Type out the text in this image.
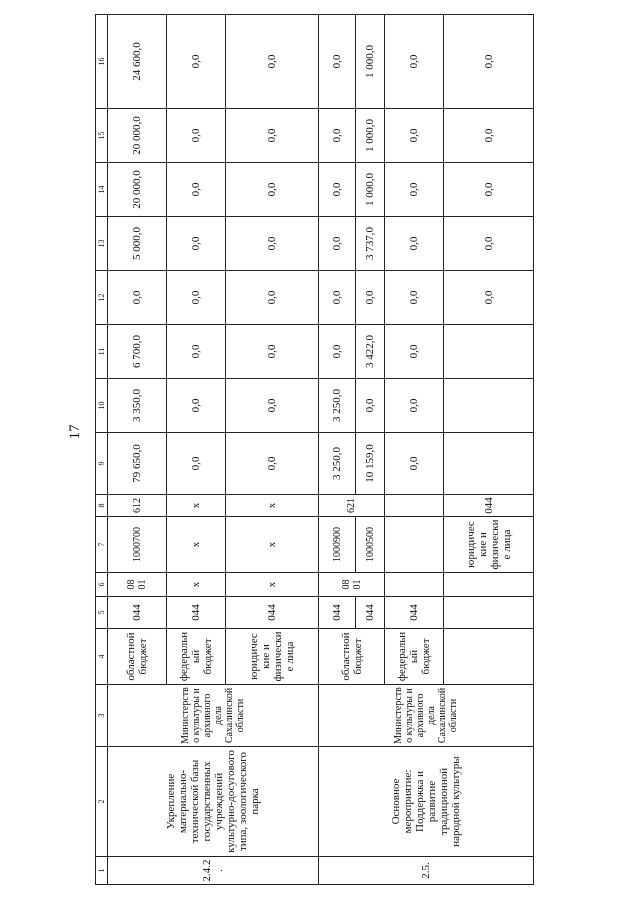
17
1	2	3	4	5	6	7	8	9	10	11	12	13	14	15	16	
2.4.2.	Укрепление материально-технической базы государственных учреждений культурно-досугового типа, зоологического парка	Министерство культуры и архивного дела Сахалинской области	областной бюджет	044	08 01	1000700	612	79 650,0	3 350,0	6 700,0	0,0	5 000,0	20 000,0	20 000,0	24 600,0	
			федеральный бюджет	044	x	x	x	0,0	0,0	0,0	0,0	0,0	0,0	0,0	0,0	
			юридические и физические лица	044	x	x	x	0,0	0,0	0,0	0,0	0,0	0,0	0,0	0,0	
2.5.	Основное мероприятие: Поддержка и развитие традиционной народной культуры	Министерство культуры и архивного дела Сахалинской области	областной бюджет	044	08 01	1000900	621	3 250,0	3 250,0	0,0	0,0	0,0	0,0	0,0	0,0	
				044		1000500		10 159,0	0,0	3 422,0	0,0	3 737,0	1 000,0	1 000,0	1 000,0	
			федеральный бюджет	044				0,0	0,0	0,0	0,0	0,0	0,0	0,0	0,0	
						юридические и физические лица	044				0,0	0,0	0,0	0,0	0,0			
